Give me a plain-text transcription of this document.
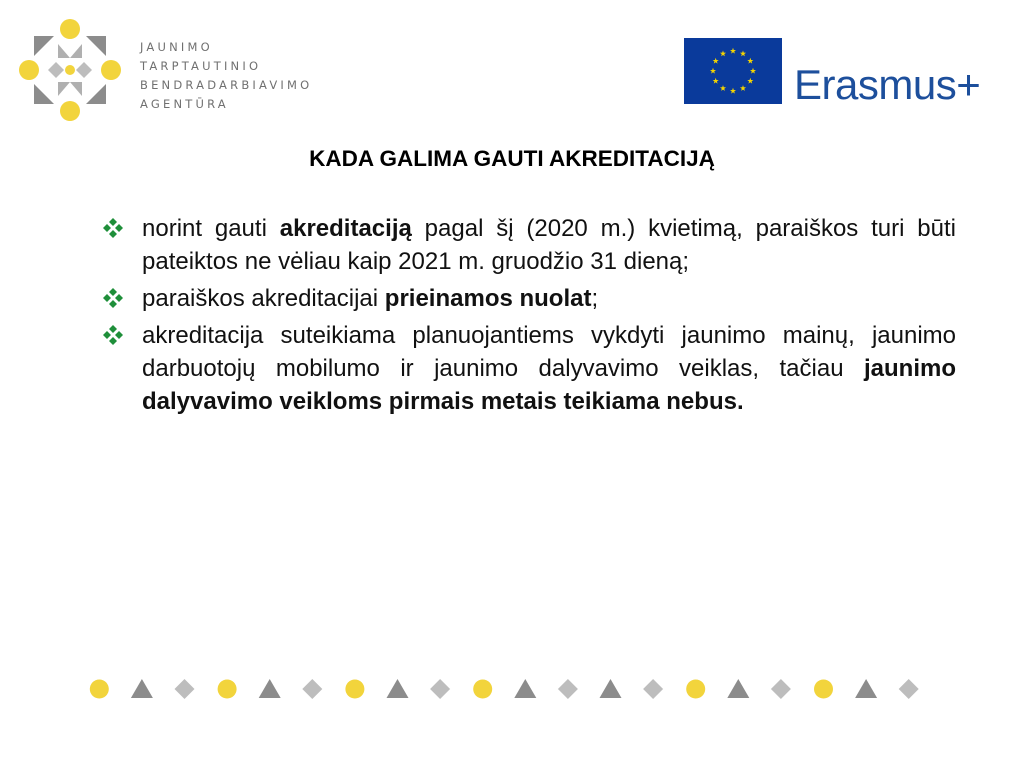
JAUNIMO
TARPTAUTINIO
BENDRADARBIAVIMO
AGENTŪRA	Erasmus+
KADA GALIMA GAUTI AKREDITACIJĄ
norint gauti akreditaciją pagal šį (2020 m.) kvietimą, paraiškos turi būti pateiktos ne vėliau kaip 2021 m. gruodžio 31 dieną;
paraiškos akreditacijai prieinamos nuolat;
akreditacija suteikiama planuojantiems vykdyti jaunimo mainų, jaunimo darbuotojų mobilumo ir jaunimo dalyvavimo veiklas, tačiau jaunimo dalyvavimo veikloms pirmais metais teikiama nebus.
